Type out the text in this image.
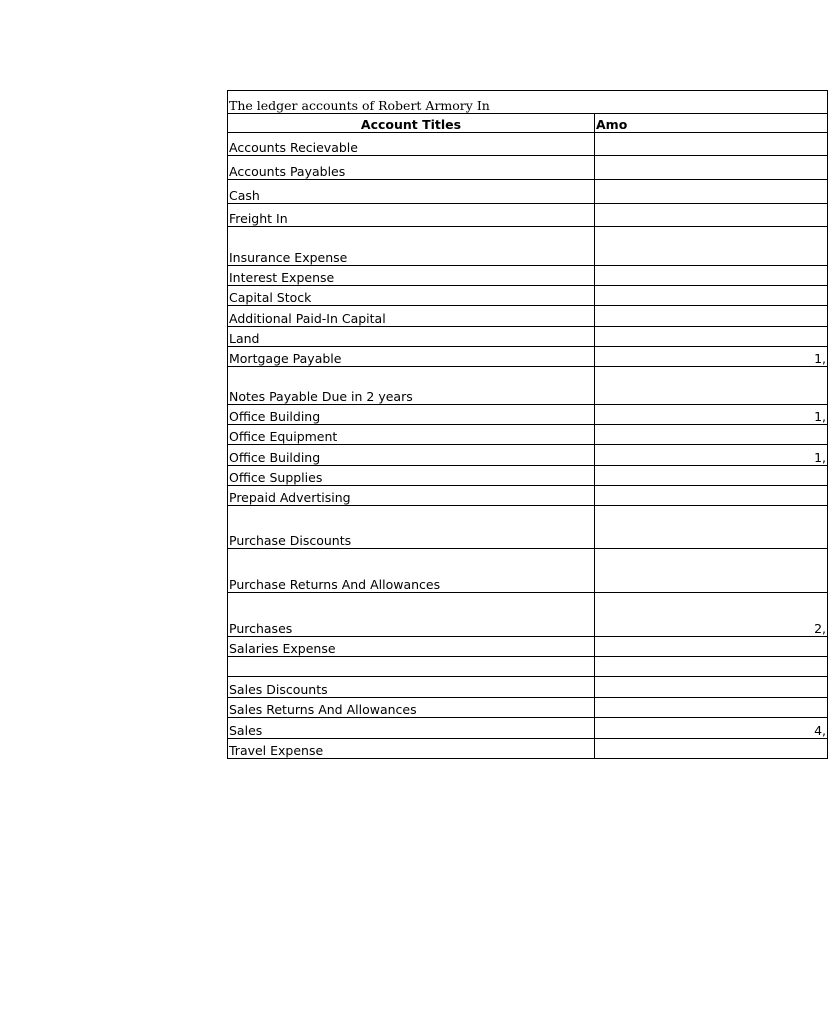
The ledger accounts of Robert Armory In	
Account Titles	Amo
Accounts Recievable	
Accounts Payables	
Cash	
Freight In	
Insurance Expense	
Interest Expense	
Capital Stock	
Additional Paid-In Capital	
Land	
Mortgage Payable	1,
Notes Payable Due in 2 years	
Office Building	1,
Office Equipment	
Office Building	1,
Office Supplies	
Prepaid Advertising	
Purchase Discounts	
Purchase Returns And Allowances	
Purchases	2,
Salaries Expense	

Sales Discounts	
Sales Returns And Allowances	
Sales	4,
Travel Expense	
